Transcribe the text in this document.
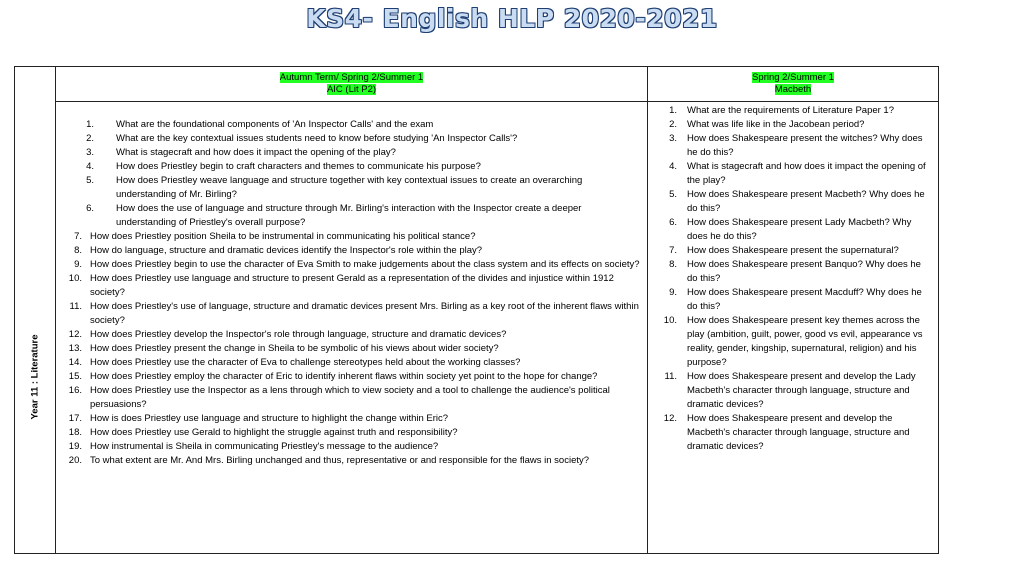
KS4- English HLP 2020-2021
Year 11 : Literature
Autumn Term/ Spring 2/Summer 1
AIC (Lit P2)
1. What are the foundational components of 'An Inspector Calls' and the exam
2. What are the key contextual issues students need to know before studying 'An Inspector Calls'?
3. What is stagecraft and how does it impact the opening of the play?
4. How does Priestley begin to craft characters and themes to communicate his purpose?
5. How does Priestley weave language and structure together with key contextual issues to create an overarching understanding of Mr. Birling?
6. How does the use of language and structure through Mr. Birling's interaction with the Inspector create a deeper understanding of Priestley's overall purpose?
7. How does Priestley position Sheila to be instrumental in communicating his political stance?
8. How do language, structure and dramatic devices identify the Inspector's role within the play?
9. How does Priestley begin to use the character of Eva Smith to make judgements about the class system and its effects on society?
10. How does Priestley use language and structure to present Gerald as a representation of the divides and injustice within 1912 society?
11. How does Priestley's use of language, structure and dramatic devices present Mrs. Birling as a key root of the inherent flaws within society?
12. How does Priestley develop the Inspector's role through language, structure and dramatic devices?
13. How does Priestley present the change in Sheila to be symbolic of his views about wider society?
14. How does Priestley use the character of Eva to challenge stereotypes held about the working classes?
15. How does Priestley employ the character of Eric to identify inherent flaws within society yet point to the hope for change?
16. How does Priestley use the Inspector as a lens through which to view society and a tool to challenge the audience's political persuasions?
17. How is does Priestley use language and structure to highlight the change within Eric?
18. How does Priestley use Gerald to highlight the struggle against truth and responsibility?
19. How instrumental is Sheila in communicating Priestley's message to the audience?
20. To what extent are Mr. And Mrs. Birling unchanged and thus, representative or and responsible for the flaws in society?
Spring 2/Summer 1
Macbeth
1. What are the requirements of Literature Paper 1?
2. What was life like in the Jacobean period?
3. How does Shakespeare present the witches? Why does he do this?
4. What is stagecraft and how does it impact the opening of the play?
5. How does Shakespeare present Macbeth? Why does he do this?
6. How does Shakespeare present Lady Macbeth? Why does he do this?
7. How does Shakespeare present the supernatural?
8. How does Shakespeare present Banquo? Why does he do this?
9. How does Shakespeare present Macduff? Why does he do this?
10. How does Shakespeare present key themes across the play (ambition, guilt, power, good vs evil, appearance vs reality, gender, kingship, supernatural, religion) and his purpose?
11. How does Shakespeare present and develop the Lady Macbeth’s character through language, structure and dramatic devices?
12. How does Shakespeare present and develop the Macbeth's character through language, structure and dramatic devices?
